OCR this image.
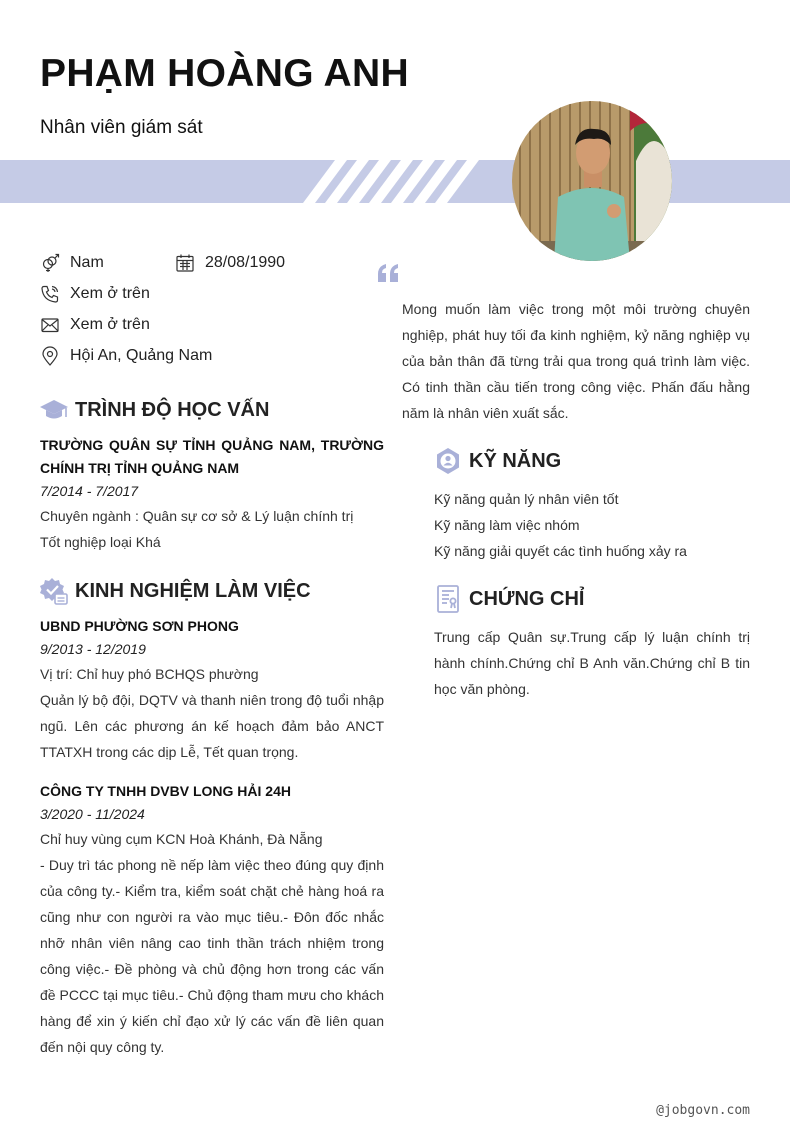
PHẠM HOÀNG ANH
Nhân viên giám sát
Nam	28/08/1990
Xem ở trên
Xem ở trên
Hội An, Quảng Nam
Mong muốn làm việc trong một môi trường chuyên nghiệp, phát huy tối đa kinh nghiệm, kỷ năng nghiệp vụ của bản thân đã từng trải qua trong quá trình làm việc. Có tinh thần cầu tiến trong công việc. Phấn đấu hằng năm là nhân viên xuất sắc.
TRÌNH ĐỘ HỌC VẤN
TRƯỜNG QUÂN SỰ TỈNH QUẢNG NAM, TRƯỜNG CHÍNH TRỊ TỈNH QUẢNG NAM
7/2014 - 7/2017
Chuyên ngành : Quân sự cơ sở & Lý luận chính trị
Tốt nghiệp loại Khá
KINH NGHIỆM LÀM VIỆC
UBND PHƯỜNG SƠN PHONG
9/2013 - 12/2019
Vị trí: Chỉ huy phó BCHQS phường
Quản lý bộ đội, DQTV và thanh niên trong độ tuổi nhập ngũ. Lên các phương án kế hoạch đảm bảo ANCT TTATXH trong các dịp Lễ, Tết quan trọng.
CÔNG TY TNHH DVBV LONG HẢI 24H
3/2020 - 11/2024
Chỉ huy vùng cụm KCN Hoà Khánh, Đà Nẵng
- Duy trì tác phong nề nếp làm việc theo đúng quy định của công ty.- Kiểm tra, kiểm soát chặt chẻ hàng hoá ra cũng như con người ra vào mục tiêu.- Đôn đốc nhắc nhỡ nhân viên nâng cao tinh thần trách nhiệm trong công việc.- Đề phòng và chủ động hơn trong các vấn đề PCCC tại mục tiêu.- Chủ động tham mưu cho khách hàng để xin ý kiến chỉ đạo xử lý các vấn đề liên quan đến nội quy công ty.
KỸ NĂNG
Kỹ năng quản lý nhân viên tốt
Kỹ năng làm việc nhóm
Kỹ năng giải quyết các tình huống xảy ra
CHỨNG CHỈ
Trung cấp Quân sự.Trung cấp lý luận chính trị hành chính.Chứng chỉ B Anh văn.Chứng chỉ B tin học văn phòng.
@jobgovn.com
